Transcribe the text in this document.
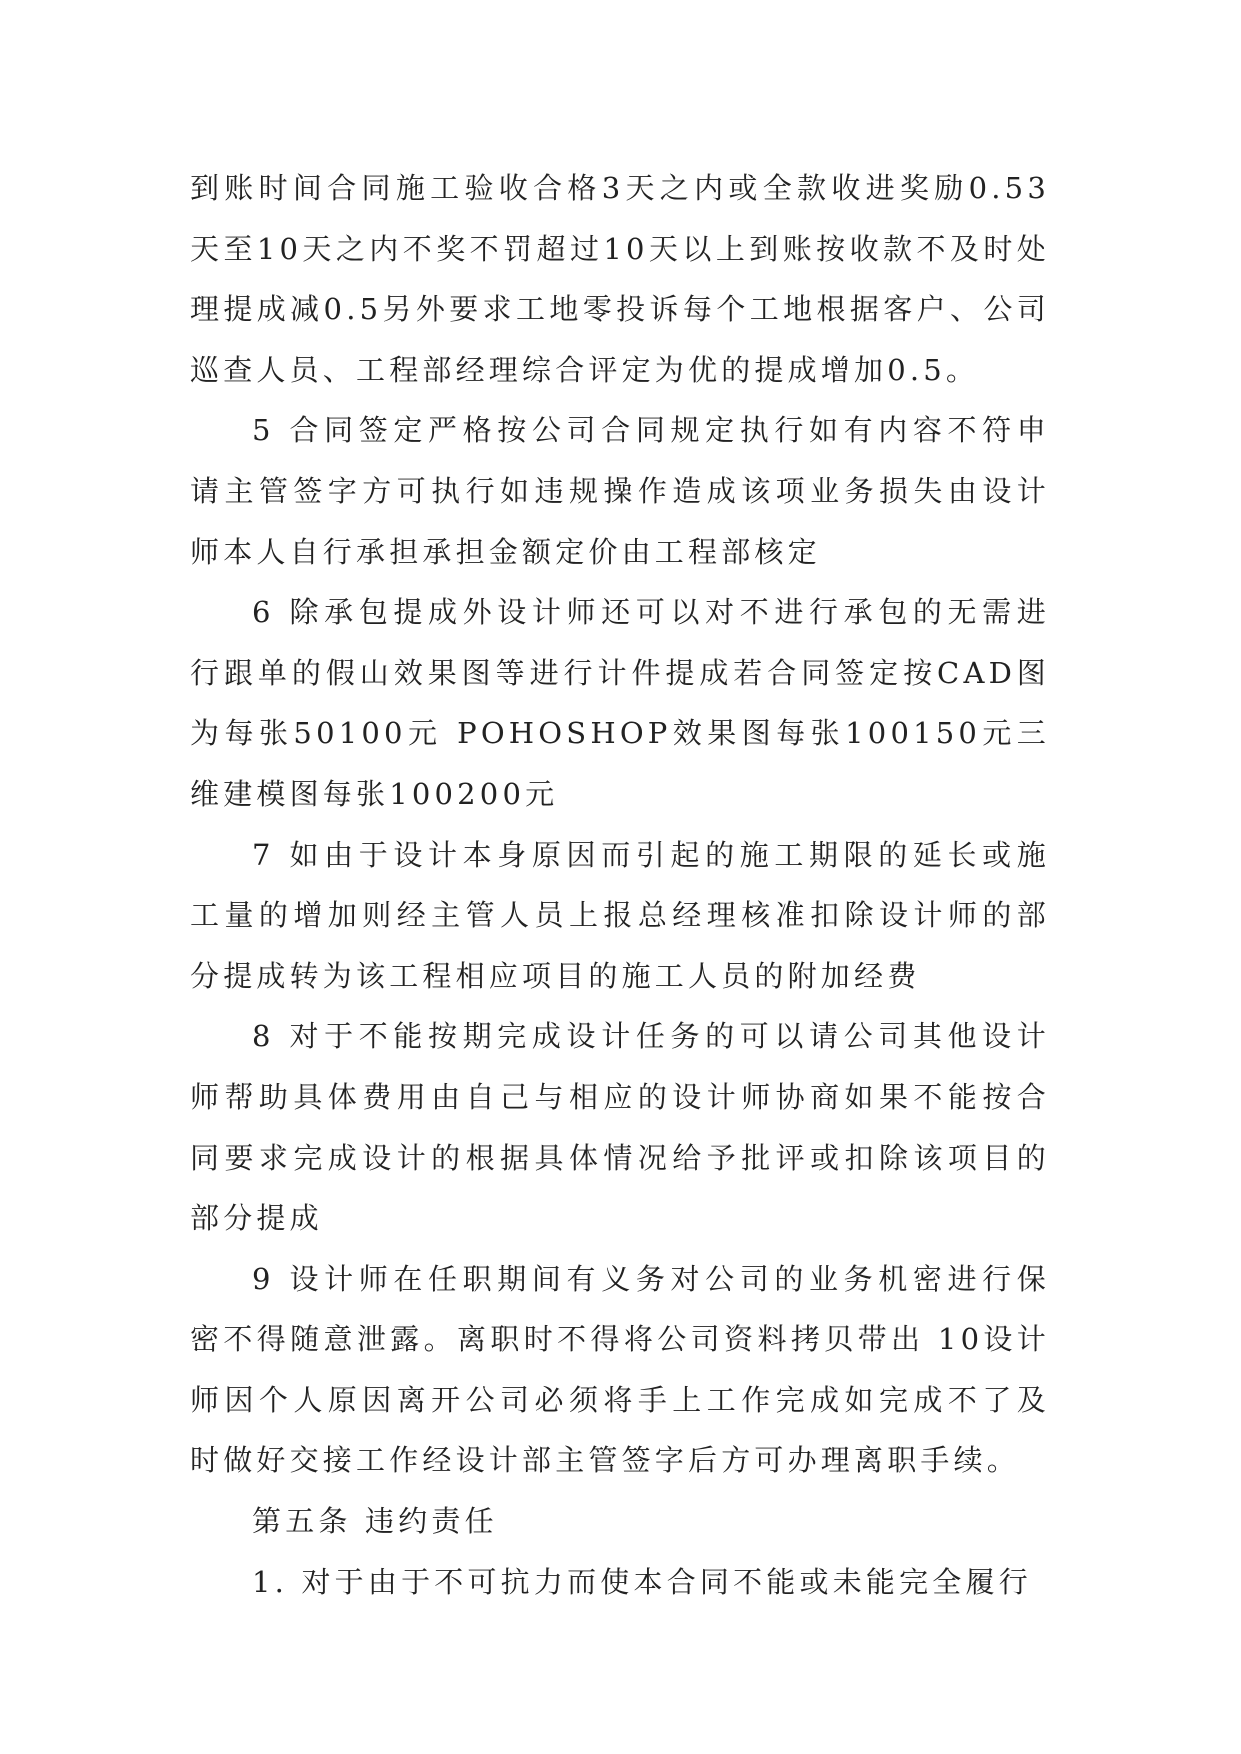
到账时间合同施工验收合格3天之内或全款收进奖励0.53天至10天之内不奖不罚超过10天以上到账按收款不及时处理提成减0.5另外要求工地零投诉每个工地根据客户、公司巡查人员、工程部经理综合评定为优的提成增加0.5。

5 合同签定严格按公司合同规定执行如有内容不符申请主管签字方可执行如违规操作造成该项业务损失由设计师本人自行承担承担金额定价由工程部核定

6 除承包提成外设计师还可以对不进行承包的无需进行跟单的假山效果图等进行计件提成若合同签定按CAD图为每张50100元 POHOSHOP效果图每张100150元三维建模图每张100200元

7 如由于设计本身原因而引起的施工期限的延长或施工量的增加则经主管人员上报总经理核准扣除设计师的部分提成转为该工程相应项目的施工人员的附加经费

8 对于不能按期完成设计任务的可以请公司其他设计师帮助具体费用由自己与相应的设计师协商如果不能按合同要求完成设计的根据具体情况给予批评或扣除该项目的部分提成

9 设计师在任职期间有义务对公司的业务机密进行保密不得随意泄露。离职时不得将公司资料拷贝带出 10设计师因个人原因离开公司必须将手上工作完成如完成不了及时做好交接工作经设计部主管签字后方可办理离职手续。

第五条 违约责任

1. 对于由于不可抗力而使本合同不能或未能完全履行
